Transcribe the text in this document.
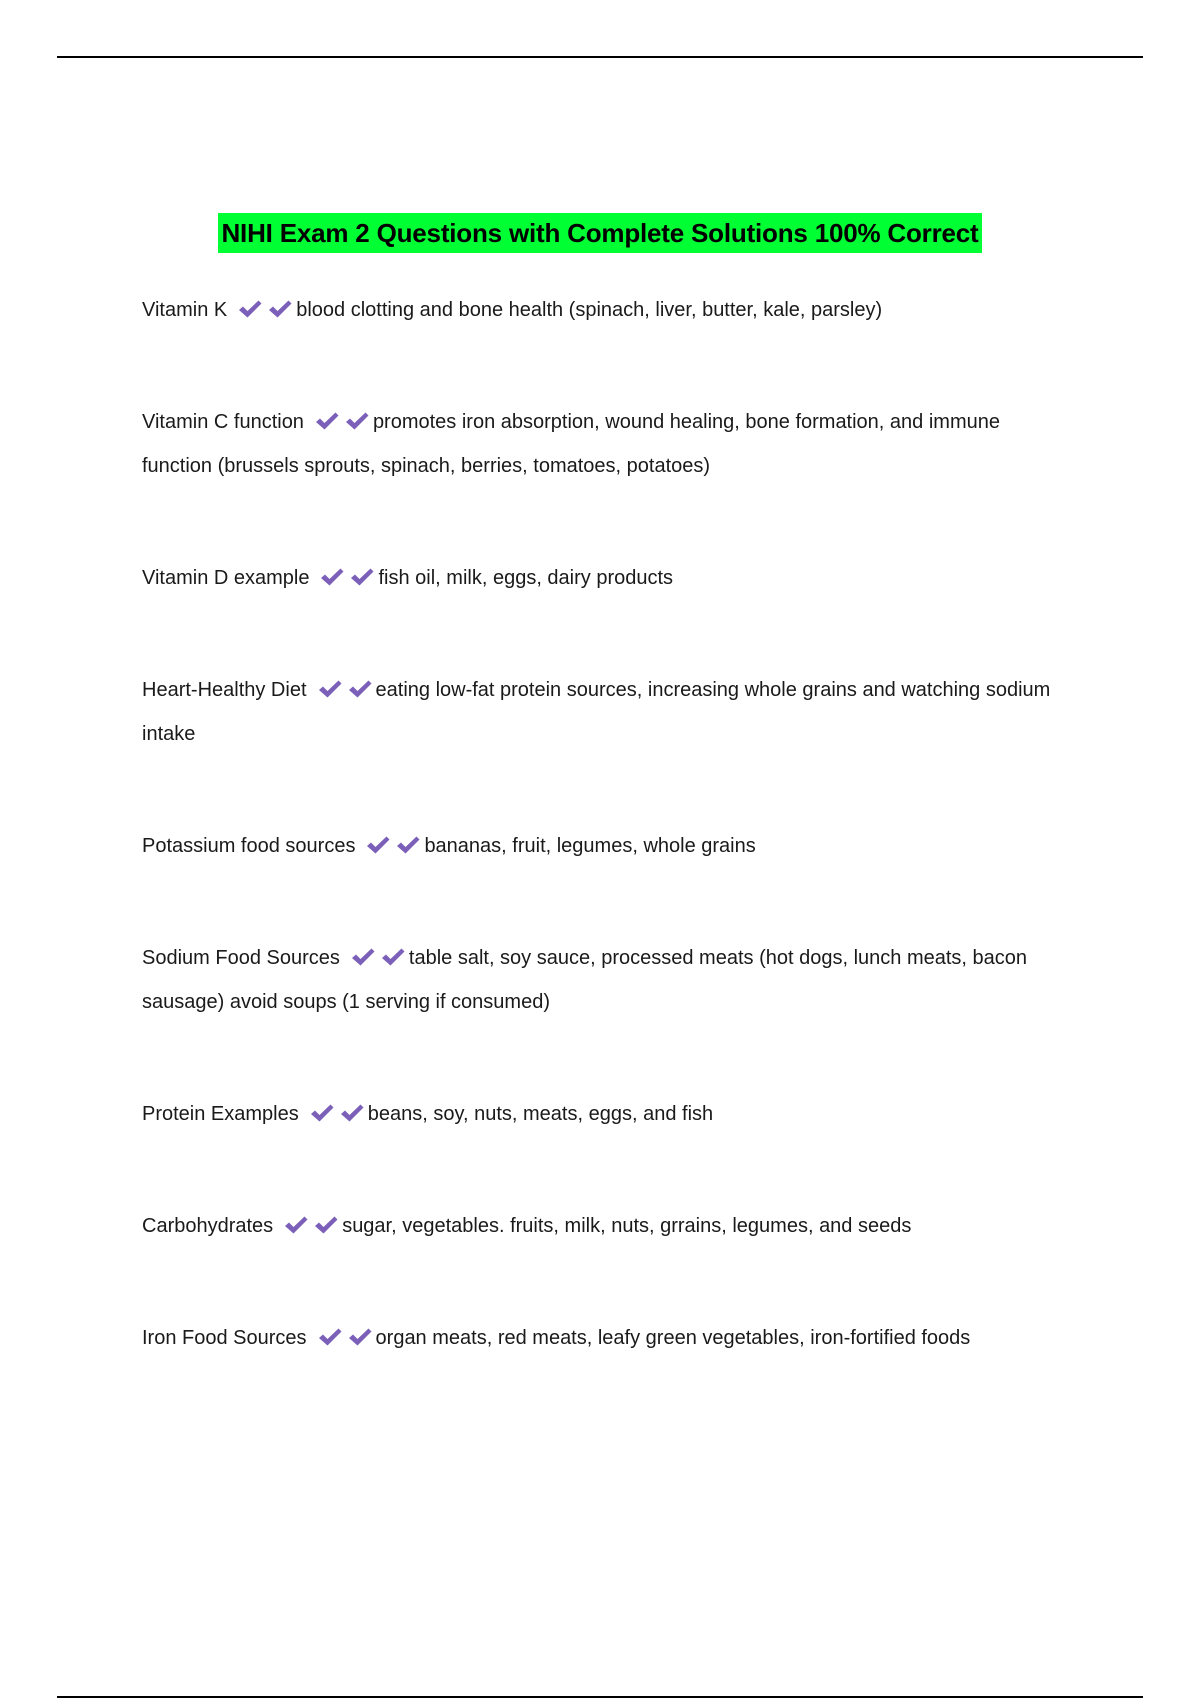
NIHI Exam 2 Questions with Complete Solutions 100% Correct

Vitamin K	blood clotting and bone health (spinach, liver, butter, kale, parsley)

Vitamin C function	promotes iron absorption, wound healing, bone formation, and immune function (brussels sprouts, spinach, berries, tomatoes, potatoes)

Vitamin D example	fish oil, milk, eggs, dairy products

Heart-Healthy Diet	eating low-fat protein sources, increasing whole grains and watching sodium intake

Potassium food sources	bananas, fruit, legumes, whole grains

Sodium Food Sources	table salt, soy sauce, processed meats (hot dogs, lunch meats, bacon sausage) avoid soups (1 serving if consumed)

Protein Examples	beans, soy, nuts, meats, eggs, and fish

Carbohydrates	sugar, vegetables. fruits, milk, nuts, grrains, legumes, and seeds

Iron Food Sources	organ meats, red meats, leafy green vegetables, iron-fortified foods
